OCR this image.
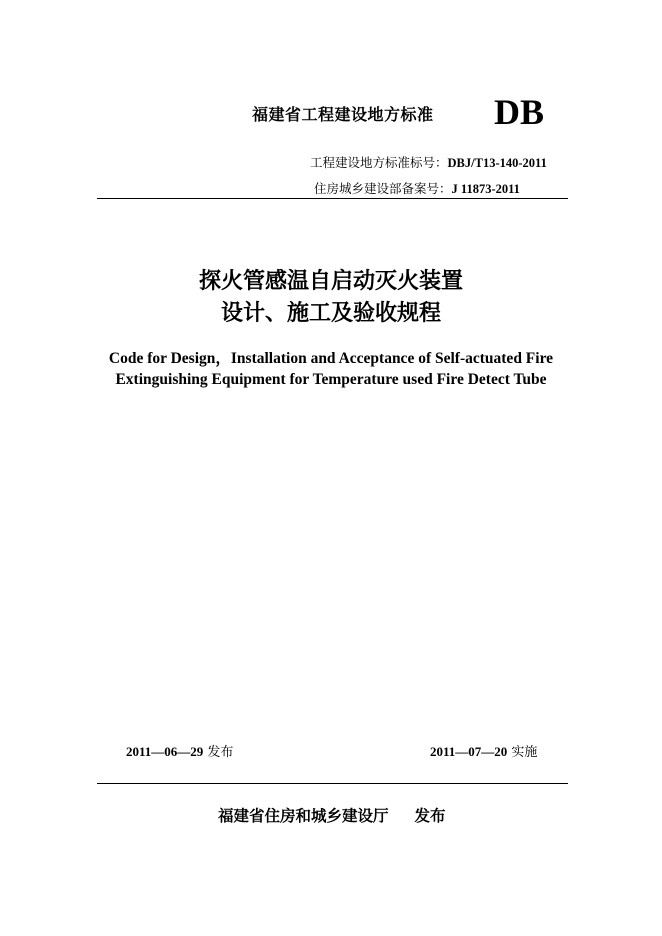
福建省工程建设地方标准 DB
工程建设地方标准标号：DBJ/T13-140-2011
住房城乡建设部备案号：J 11873-2011
探火管感温自启动灭火装置
设计、施工及验收规程
Code for Design，Installation and Acceptance of Self-actuated Fire
Extinguishing Equipment for Temperature used Fire Detect Tube
2011—06—29 发布	2011—07—20 实施
福建省住房和城乡建设厅 发布
